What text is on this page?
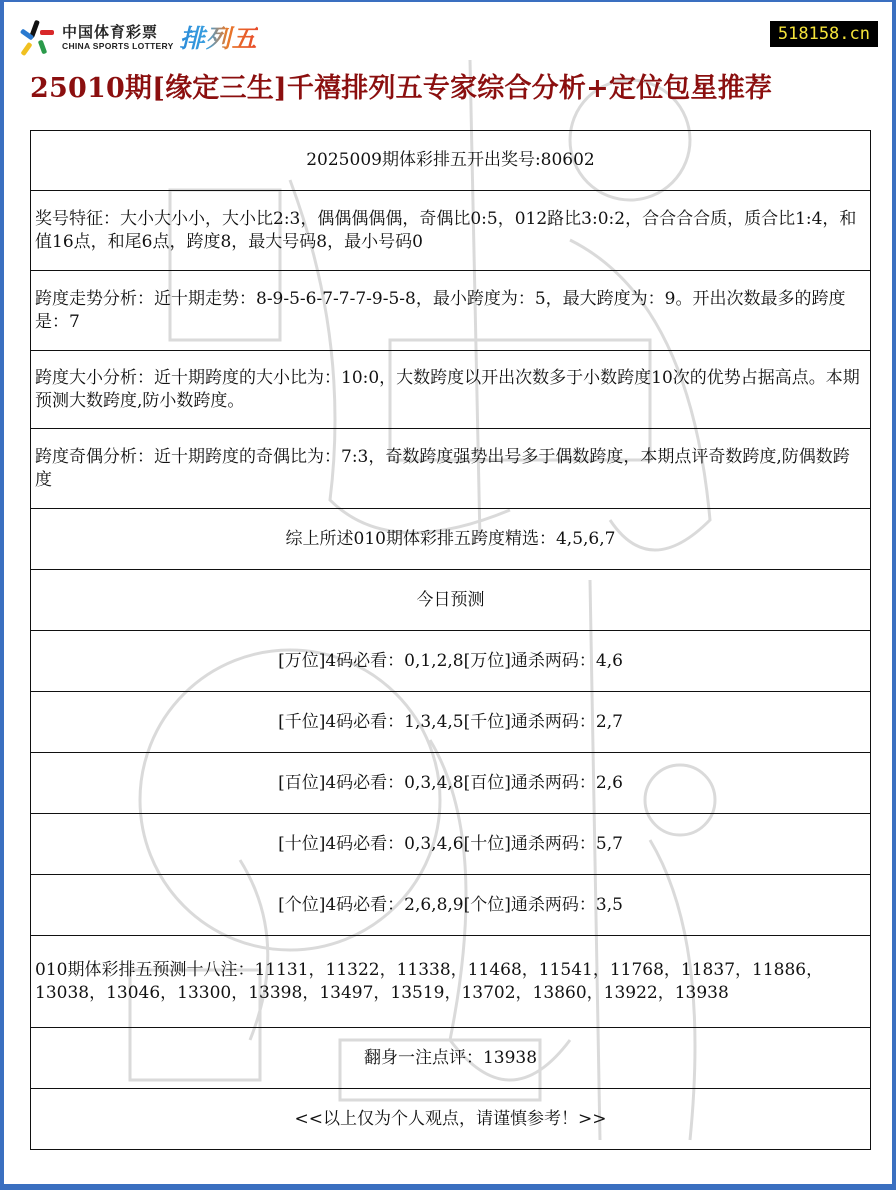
中国体育彩票
CHINA SPORTS LOTTERY 排列五	518158.cn
25010期[缘定三生]千禧排列五专家综合分析+定位包星推荐
2025009期体彩排五开出奖号:80602
奖号特征：大小大小小，大小比2:3，偶偶偶偶偶，奇偶比0:5，012路比3:0:2，合合合合质，质合比1:4，和值16点，和尾6点，跨度8，最大号码8，最小号码0
跨度走势分析：近十期走势：8-9-5-6-7-7-7-9-5-8，最小跨度为：5，最大跨度为：9。开出次数最多的跨度是：7
跨度大小分析：近十期跨度的大小比为：10:0，大数跨度以开出次数多于小数跨度10次的优势占据高点。本期预测大数跨度,防小数跨度。
跨度奇偶分析：近十期跨度的奇偶比为：7:3，奇数跨度强势出号多于偶数跨度，本期点评奇数跨度,防偶数跨度
综上所述010期体彩排五跨度精选：4,5,6,7
今日预测
[万位]4码必看：0,1,2,8[万位]通杀两码：4,6
[千位]4码必看：1,3,4,5[千位]通杀两码：2,7
[百位]4码必看：0,3,4,8[百位]通杀两码：2,6
[十位]4码必看：0,3,4,6[十位]通杀两码：5,7
[个位]4码必看：2,6,8,9[个位]通杀两码：3,5
010期体彩排五预测十八注：11131，11322，11338，11468，11541，11768，11837，11886，13038，13046，13300，13398，13497，13519，13702，13860，13922，13938
翻身一注点评：13938
<<以上仅为个人观点，请谨慎参考！>>
